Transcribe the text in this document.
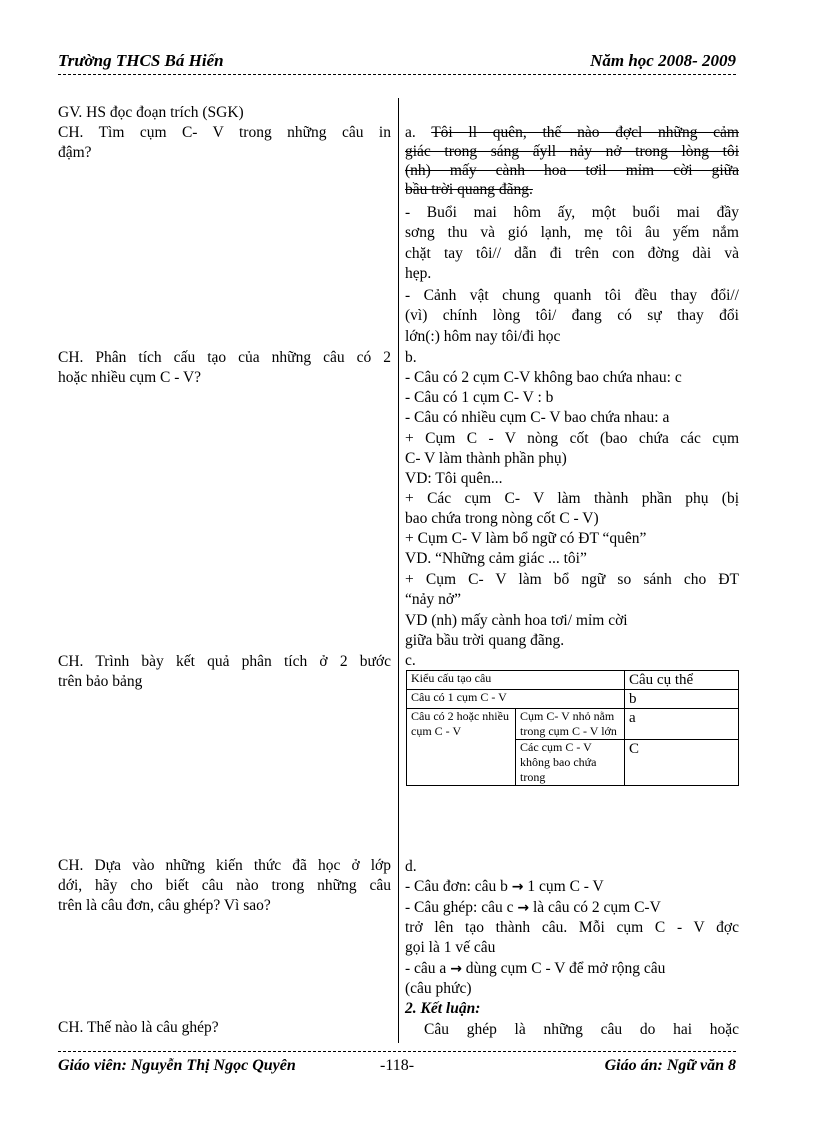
Trường THCS Bá Hiến	Năm học 2008- 2009
GV. HS đọc đoạn trích (SGK)
CH. Tìm cụm C- V trong những câu in
đậm?
CH. Phân tích cấu tạo của những câu có 2
hoặc nhiều cụm C - V?
CH. Trình bày kết quả phân tích ở 2 bước
trên bảo bảng
CH. Dựa vào những kiến thức đã học ở lớp
dới, hãy cho biết câu nào trong những câu
trên là câu đơn, câu ghép? Vì sao?
CH. Thế nào là câu ghép?
a. Tôi ll quên, thế nào đợcl những cảm
giác trong sáng ấyll nảy nở trong lòng tôi
(nh) mấy cành hoa tơil mỉm cời giữa
bầu trời quang đãng.
- Buổi mai hôm ấy, một buổi mai đầy
sơng thu và gió lạnh, mẹ tôi âu yếm nắm
chặt tay tôi// dẫn đi trên con đờng dài và
hẹp.
- Cảnh vật chung quanh tôi đều thay đổi//
(vì) chính lòng tôi/ đang có sự thay đổi
lớn(:) hôm nay tôi/đi học
b.
- Câu có 2 cụm C-V không bao chứa nhau: c
- Câu có 1 cụm C- V : b
- Câu có nhiều cụm C- V bao chứa nhau: a
+ Cụm C - V nòng cốt (bao chứa các cụm
C- V làm thành phần phụ)
VD: Tôi quên...
+ Các cụm C- V làm thành phần phụ (bị
bao chứa trong nòng cốt C - V)
+ Cụm C- V làm bổ ngữ có ĐT “quên”
VD. “Những cảm giác ... tôi”
+ Cụm C- V làm bổ ngữ so sánh cho ĐT
“nảy nở”
VD (nh) mấy cành hoa tơi/ mỉm cời
giữa bầu trời quang đãng.
c.
Kiểu cấu tạo câu		Câu cụ thể
Câu có 1 cụm C - V		b
Câu có 2 hoặc nhiều cụm C - V	Cụm C- V nhỏ nằm trong cụm C - V lớn	a
	Các cụm C - V không bao chứa trong	C
d.
- Câu đơn: câu b → 1 cụm C - V
- Câu ghép: câu c → là câu có 2 cụm C-V
trở lên tạo thành câu. Mỗi cụm C - V đợc
gọi là 1 vế câu
- câu a → dùng cụm C - V để mở rộng câu
(câu phức)
2. Kết luận:
Câu ghép là những câu do hai hoặc
Giáo viên: Nguyễn Thị Ngọc Quyên	-118-	Giáo án: Ngữ văn 8
